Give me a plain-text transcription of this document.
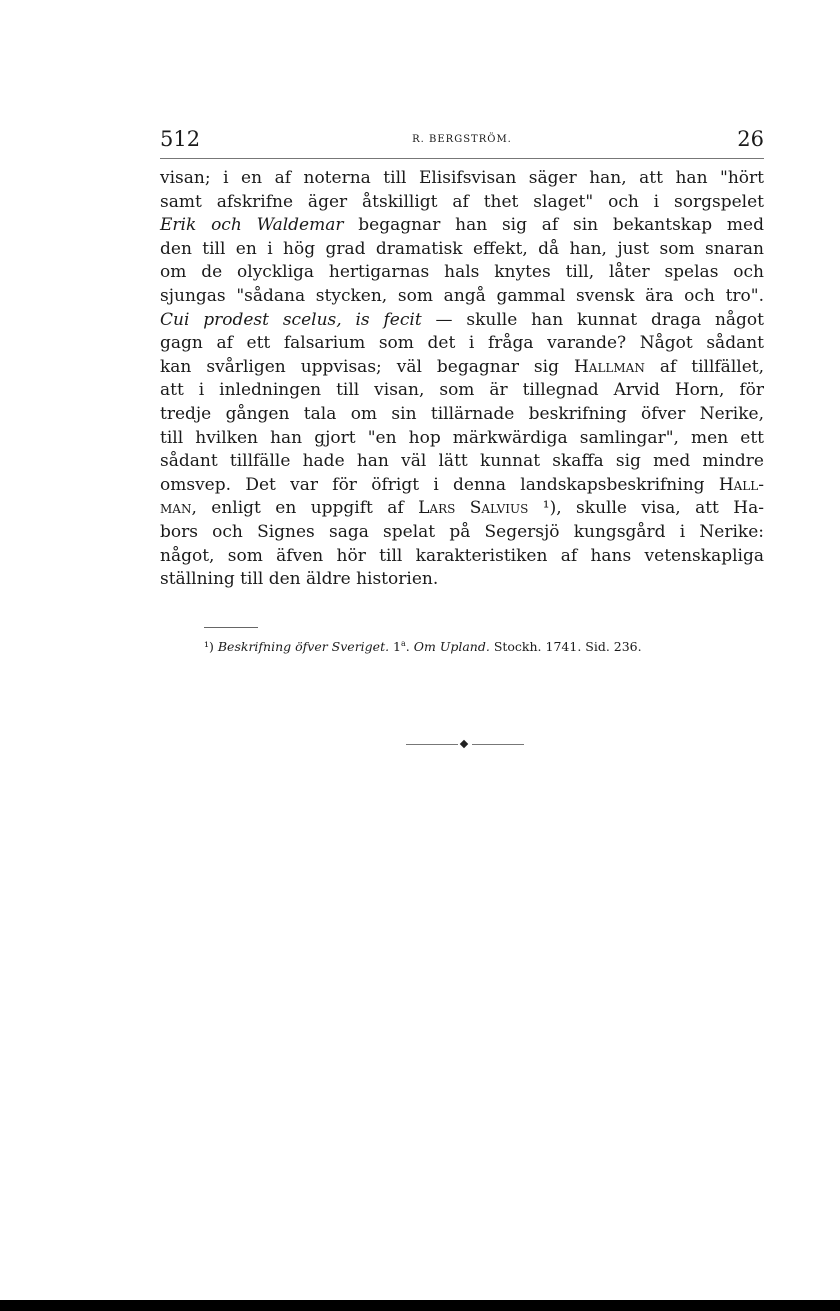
512	R. BERGSTRÖM.	26
visan; i en af noterna till Elisifsvisan säger han, att han "hört
samt afskrifne äger åtskilligt af thet slaget" och i sorgspelet
Erik och Waldemar begagnar han sig af sin bekantskap med
den till en i hög grad dramatisk effekt, då han, just som snaran
om de olyckliga hertigarnas hals knytes till, låter spelas och
sjungas "sådana stycken, som angå gammal svensk ära och tro".
Cui prodest scelus, is fecit — skulle han kunnat draga något
gagn af ett falsarium som det i fråga varande? Något sådant
kan svårligen uppvisas; väl begagnar sig Hallman af tillfället,
att i inledningen till visan, som är tillegnad Arvid Horn, för
tredje gången tala om sin tillärnade beskrifning öfver Nerike,
till hvilken han gjort "en hop märkwärdiga samlingar", men ett
sådant tillfälle hade han väl lätt kunnat skaffa sig med mindre
omsvep. Det var för öfrigt i denna landskapsbeskrifning Hall-
man, enligt en uppgift af Lars Salvius ¹), skulle visa, att Ha-
bors och Signes saga spelat på Segersjö kungsgård i Nerike:
något, som äfven hör till karakteristiken af hans vetenskapliga
ställning till den äldre historien.
¹) Beskrifning öfver Sveriget. 1$^a$. Om Upland. Stockh. 1741. Sid. 236.
